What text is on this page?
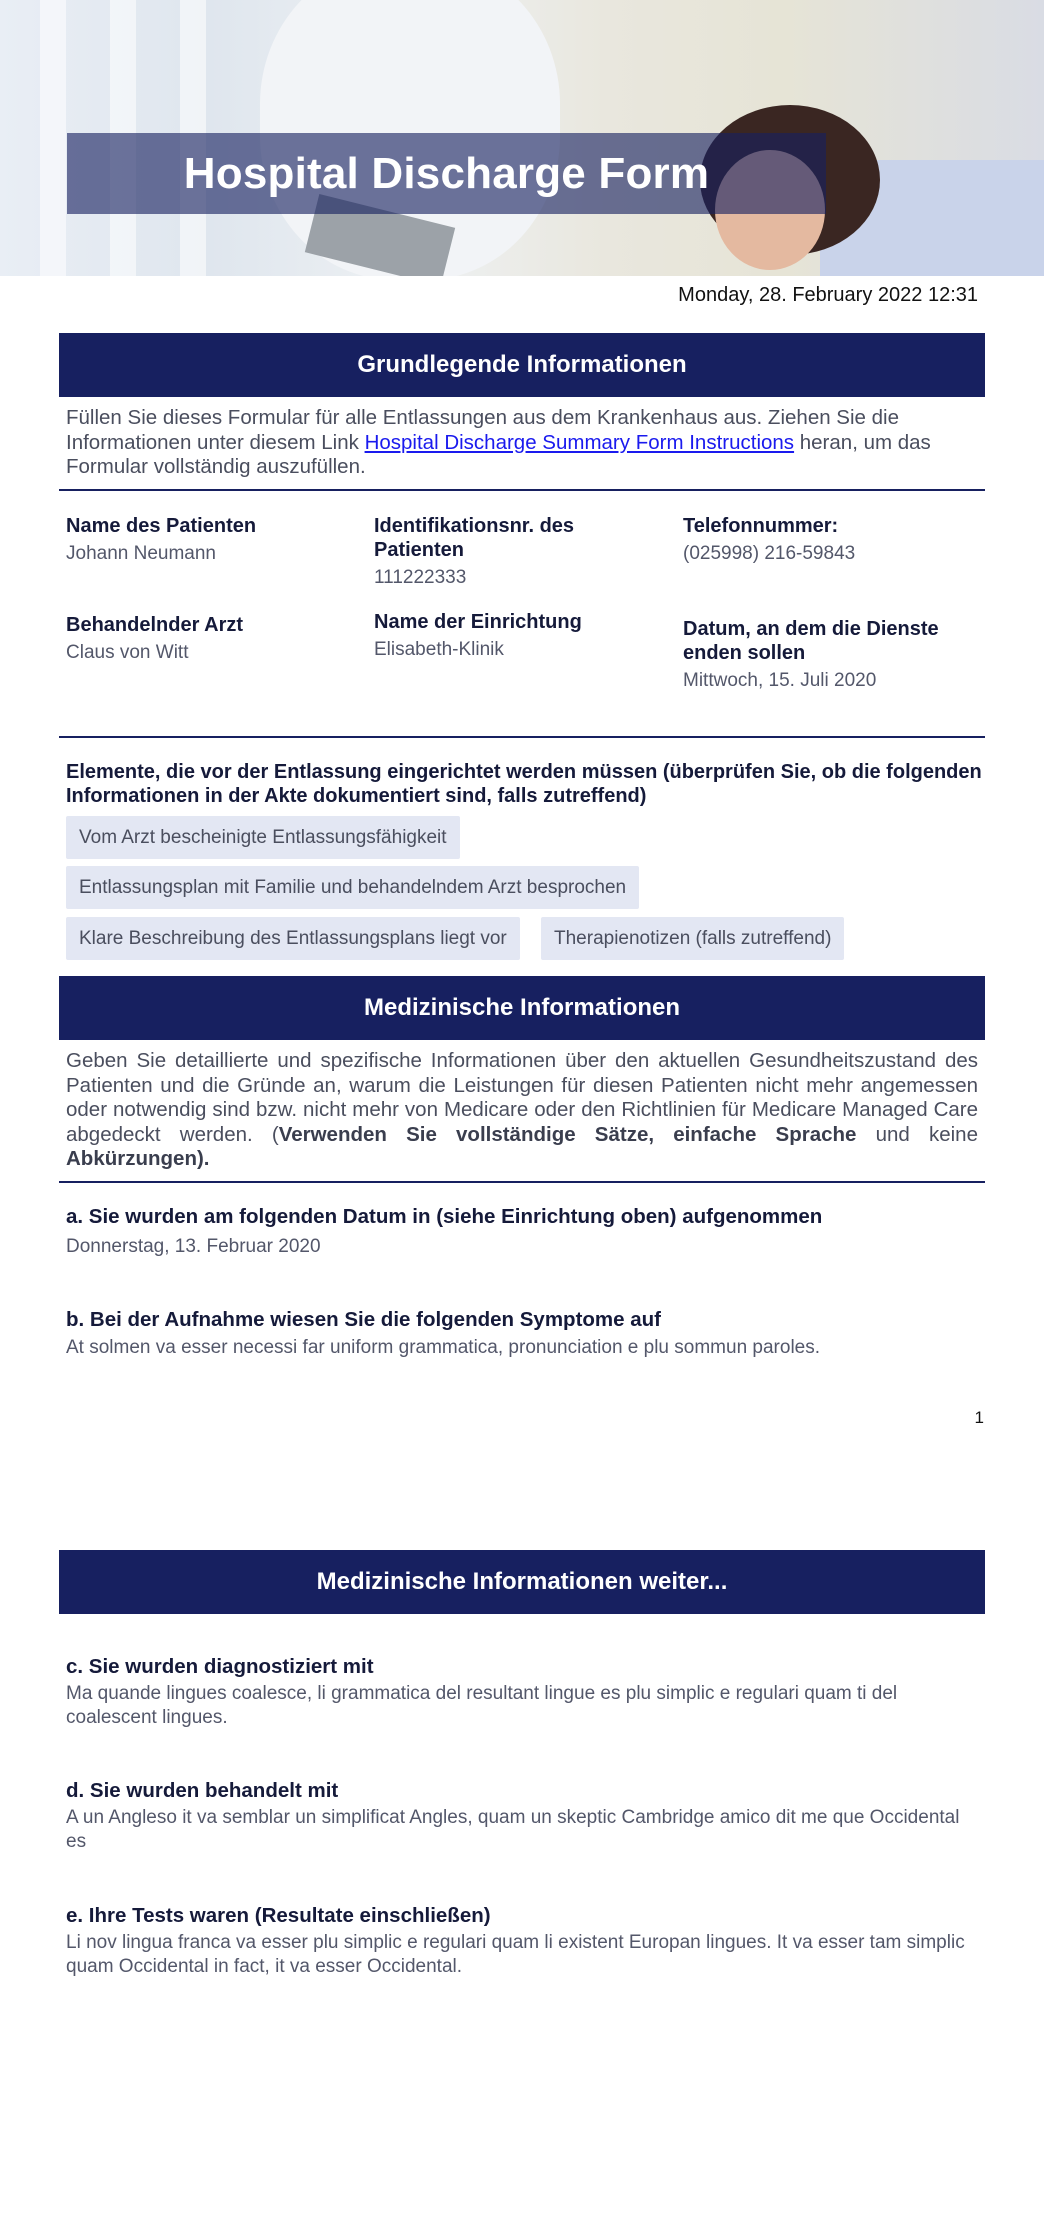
Hospital Discharge Form
Monday, 28. February 2022 12:31
Grundlegende Informationen
Füllen Sie dieses Formular für alle Entlassungen aus dem Krankenhaus aus. Ziehen Sie die Informationen unter diesem Link Hospital Discharge Summary Form Instructions heran, um das Formular vollständig auszufüllen.
Name des Patienten
Johann Neumann
Identifikationsnr. des Patienten
111222333
Telefonnummer:
(025998) 216-59843
Behandelnder Arzt
Claus von Witt
Name der Einrichtung
Elisabeth-Klinik
Datum, an dem die Dienste enden sollen
Mittwoch, 15. Juli 2020
Elemente, die vor der Entlassung eingerichtet werden müssen (überprüfen Sie, ob die folgenden Informationen in der Akte dokumentiert sind, falls zutreffend)
Vom Arzt bescheinigte Entlassungsfähigkeit
Entlassungsplan mit Familie und behandelndem Arzt besprochen
Klare Beschreibung des Entlassungsplans liegt vor	Therapienotizen (falls zutreffend)
Medizinische Informationen
Geben Sie detaillierte und spezifische Informationen über den aktuellen Gesundheitszustand des Patienten und die Gründe an, warum die Leistungen für diesen Patienten nicht mehr angemessen oder notwendig sind bzw. nicht mehr von Medicare oder den Richtlinien für Medicare Managed Care abgedeckt werden. (Verwenden Sie vollständige Sätze, einfache Sprache und keine Abkürzungen).
a. Sie wurden am folgenden Datum in (siehe Einrichtung oben) aufgenommen
Donnerstag, 13. Februar 2020
b. Bei der Aufnahme wiesen Sie die folgenden Symptome auf
At solmen va esser necessi far uniform grammatica, pronunciation e plu sommun paroles.
1
Medizinische Informationen weiter...
c. Sie wurden diagnostiziert mit
Ma quande lingues coalesce, li grammatica del resultant lingue es plu simplic e regulari quam ti del coalescent lingues.
d. Sie wurden behandelt mit
A un Angleso it va semblar un simplificat Angles, quam un skeptic Cambridge amico dit me que Occidental es
e. Ihre Tests waren (Resultate einschließen)
Li nov lingua franca va esser plu simplic e regulari quam li existent Europan lingues. It va esser tam simplic quam Occidental in fact, it va esser Occidental.
